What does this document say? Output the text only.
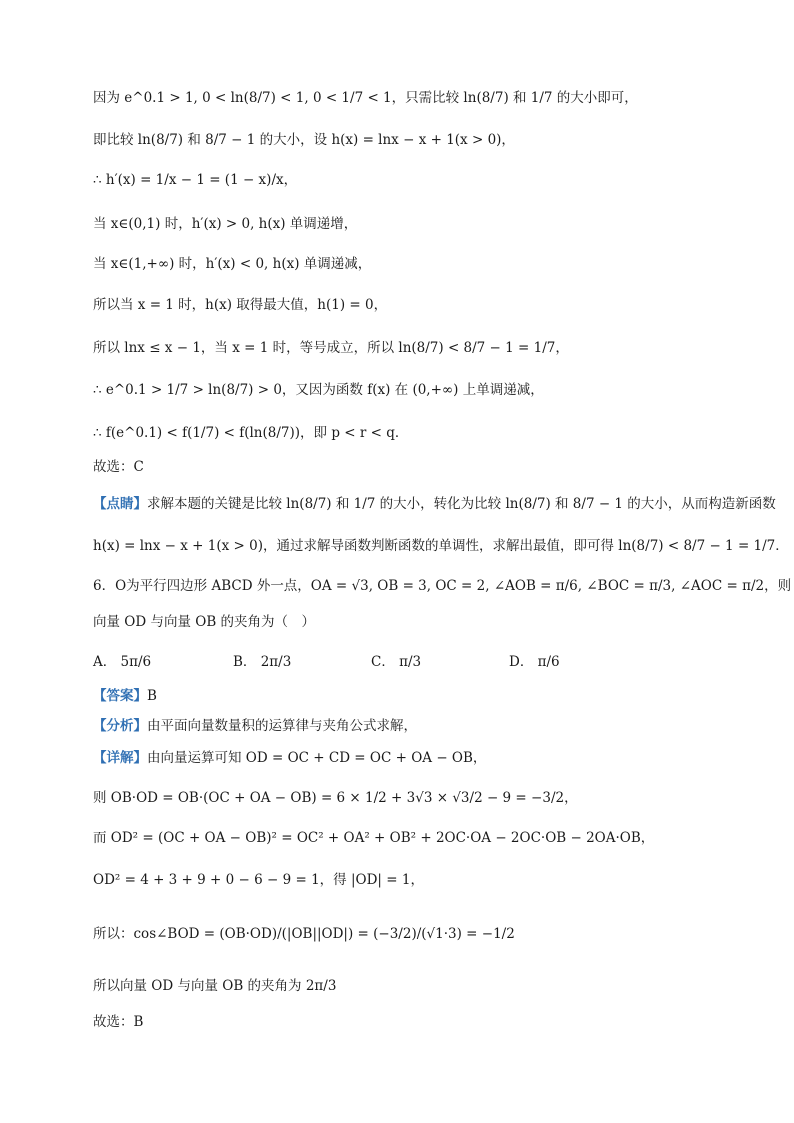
因为 e^0.1 > 1, 0 < ln(8/7) < 1, 0 < 1/7 < 1，只需比较 ln(8/7) 和 1/7 的大小即可，
即比较 ln(8/7) 和 8/7 − 1 的大小，设 h(x) = lnx − x + 1(x > 0)，
∴ h′(x) = 1/x − 1 = (1 − x)/x，
当 x∈(0,1) 时，h′(x) > 0, h(x) 单调递增，
当 x∈(1,+∞) 时，h′(x) < 0, h(x) 单调递减，
所以当 x = 1 时，h(x) 取得最大值，h(1) = 0，
所以 lnx ≤ x − 1，当 x = 1 时，等号成立，所以 ln(8/7) < 8/7 − 1 = 1/7，
∴ e^0.1 > 1/7 > ln(8/7) > 0，又因为函数 f(x) 在 (0,+∞) 上单调递减，
∴ f(e^0.1) < f(1/7) < f(ln(8/7))，即 p < r < q．
故选：C
【点睛】求解本题的关键是比较 ln(8/7) 和 1/7 的大小，转化为比较 ln(8/7) 和 8/7 − 1 的大小，从而构造新函数
h(x) = lnx − x + 1(x > 0)，通过求解导函数判断函数的单调性，求解出最值，即可得 ln(8/7) < 8/7 − 1 = 1/7．
6．O为平行四边形 ABCD 外一点，OA = √3, OB = 3, OC = 2, ∠AOB = π/6, ∠BOC = π/3, ∠AOC = π/2，则
向量 OD 与向量 OB 的夹角为（　）
A． 5π/6	B． 2π/3	C． π/3	D． π/6
【答案】B
【分析】由平面向量数量积的运算律与夹角公式求解，
【详解】由向量运算可知 OD = OC + CD = OC + OA − OB，
则 OB·OD = OB·(OC + OA − OB) = 6 × 1/2 + 3√3 × √3/2 − 9 = −3/2，
而 OD² = (OC + OA − OB)² = OC² + OA² + OB² + 2OC·OA − 2OC·OB − 2OA·OB，
OD² = 4 + 3 + 9 + 0 − 6 − 9 = 1，得 |OD| = 1，
所以：cos∠BOD = (OB·OD)/(|OB||OD|) = (−3/2)/(√1·3) = −1/2
所以向量 OD 与向量 OB 的夹角为 2π/3
故选：B
